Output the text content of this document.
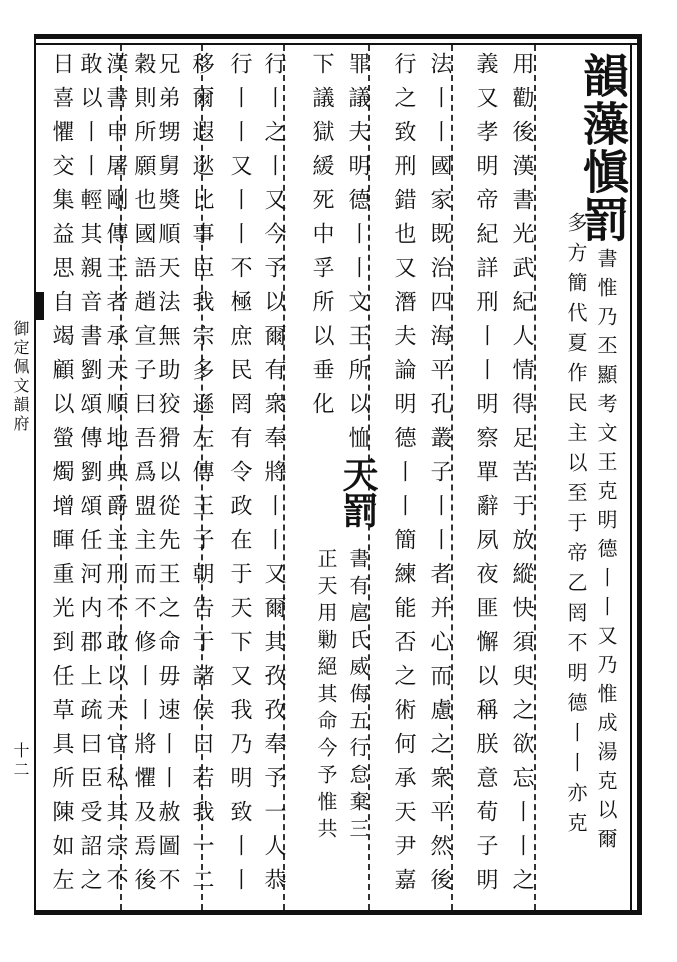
御定佩文韻府
十二
韻藻愼罰
書惟乃丕顯考文王克明德丨丨又乃惟成湯克以爾
多方簡代夏作民主以至于帝乙罔不明德丨丨亦克
用勸後漢書光武紀人情得足苦于放縱快須臾之欲忘丨丨之
義又孝明帝紀詳刑丨丨明察單辭夙夜匪懈以稱朕意荀子明
法丨丨國家既治四海平孔叢子丨丨者并心而慮之衆平然後
行之致刑錯也又潛夫論明德丨丨簡練能否之術何承天尹嘉
罪議夫明德丨丨文王所以恤
下議獄緩死中孚所以垂化
天罰
書有扈氏威侮五行怠棄三
正天用勦絕其命今予惟共
行丨之丨又今予以爾有衆奉將丨丨又爾其孜孜奉予一人恭
行丨丨又丨丨不極庶民罔有令政在于天下又我乃明致丨丨
移爾遐逖比事臣我宗多遜左傳王子朝告于諸侯曰若我一二
兄弟甥舅奬順天法無助狡猾以從先王之命毋速丨丨赦圖不
穀則所願也國語趙宣子曰吾爲盟主而不修丨丨將懼及焉後
漢書申屠剛傳王者承天順地典爵主刑不敢以天官私其宗不
敢以丨丨輕其親音書劉頌傳劉頌任河内郡上疏曰臣受詔之
日喜懼交集益思自竭顧以螢燭增暉重光到任草具所陳如左
